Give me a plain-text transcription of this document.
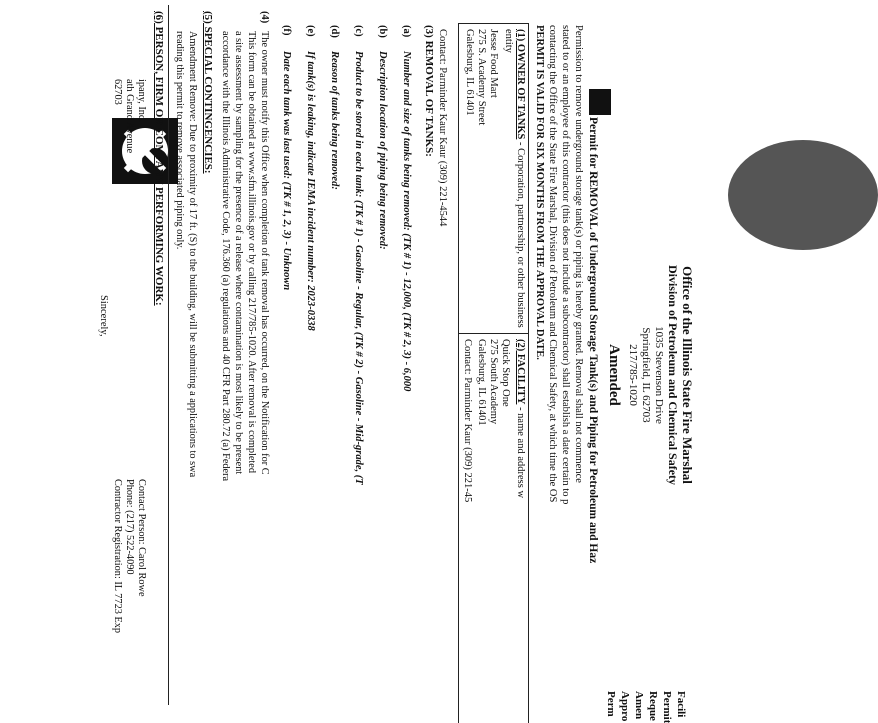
Office of the Illinois State Fire Marshal
Division of Petroleum and Chemical Safety
1035 Stevenson Drive
Springfield, IL 62703
217/785-1020
Amended
Facili
Permit
Reque
Amen
Appro
Perm
Permit for REMOVAL of Underground Storage Tank(s) and Piping for Petroleum and Haz
Permission to remove underground storage tank(s) or piping is hereby granted. Removal shall not commence
stated to or an employee of this contractor (this does not include a subcontractor) shall establish a date certain to p
contacting the Office of the State Fire Marshal, Division of Petroleum and Chemical Safety, at which time the OS
PERMIT IS VALID FOR SIX MONTHS FROM THE APPROVAL DATE.
(1) OWNER OF TANKS - Corporation, partnership, or other business
entity
Jesse Food Mart
275 S. Academy Street
Galesburg, IL 61401
Contact: Parminder Kaur Kaur (309) 221-4544
(2) FACILITY - name and address w
Quick Stop One
275 South Academy
Galesburg, IL 61401
Contact: Parminder Kaur (309) 221-45
(3) REMOVAL OF TANKS:
(a)Number and size of tanks being removed: (TK # 1) - 12,000, (TK # 2, 3) - 6,000
(b)Description location of piping being removed:
(c)Product to be stored in each tank: (TK # 1) - Gasoline - Regular, (TK # 2) - Gasoline - Mid-grade, (T
(d)Reason of tanks being removed:
(e)If tank(s) is leaking, indicate IEMA incident number: 2023-0338
(f)Date each tank was last used: (TK # 1, 2, 3) - Unknown
(4)
The owner must notify this Office when completion of tank removal has occurred, on the Notification for C
This form can be obtained at www.sfm.illinois.gov or by calling 217/785-1020. After removal is completed
a site assessment by sampling for the presence of a release where contamination is most likely to be present
accordance with the Illinois Administrative Code, 176.360 (a) regulations and 40 CFR Part 280.72 (a) Federa
(5) SPECIAL CONTINGENCIES:
Amendment Remove: Due to proximity of 17 ft. (S) to the building, will be submitting a applications to swa
reading this permit to remove associated piping only.
(6) PERSON, FIRM OR COMPANY PERFORMING WORK:
ipany, Inc.
ath Grand Avenue
62703
Contact Person: Carol Rowe
Phone: (217) 522-4090
Contractor Registration: IL 7723 Exp
Sincerely,
